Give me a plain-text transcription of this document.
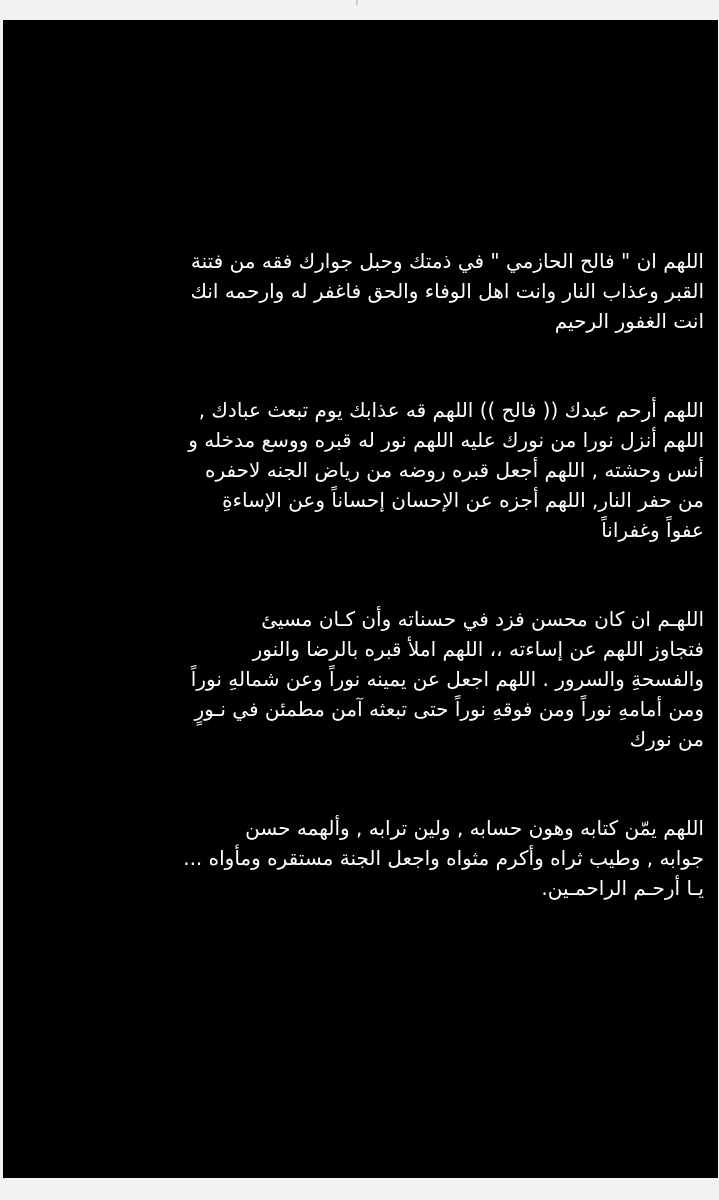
|
اللهم ان " فالح الحازمي " في ذمتك وحبل جوارك فقه من فتنة
القبر وعذاب النار وانت اهل الوفاء والحق فاغفر له وارحمه انك
انت الغفور الرحيم
اللهم أرحم عبدك (( فالح )) اللهم قه عذابك يوم تبعث عبادك ,
اللهم أنزل نورا من نورك عليه اللهم نور له قبره ووسع مدخله و
أنس وحشته , اللهم أجعل قبره روضه من رياض الجنه لاحفره
من حفر النار, اللهم أجزه عن الإحسان إحساناً وعن الإساءةِ
عفواً وغفراناً
اللهـم ان كان محسن فزد في حسناته وأن كـان مسيئ
فتجاوز اللهم عن إساءته ،، اللهم املأ قبره بالرضا والنور
والفسحةِ والسرور . اللهم اجعل عن يمينه نوراً وعن شمالهِ نوراً
ومن أمامهِ نوراً ومن فوقهِ نوراً حتى تبعثه آمن مطمئن في نـورٍ
من نورك
اللهم يمّن كتابه وهون حسابه , ولين ترابه , وألهمه حسن
جوابه , وطيب ثراه وأكرم مثواه واجعل الجنة مستقره ومأواه ...
يـا أرحـم الراحمـين.
